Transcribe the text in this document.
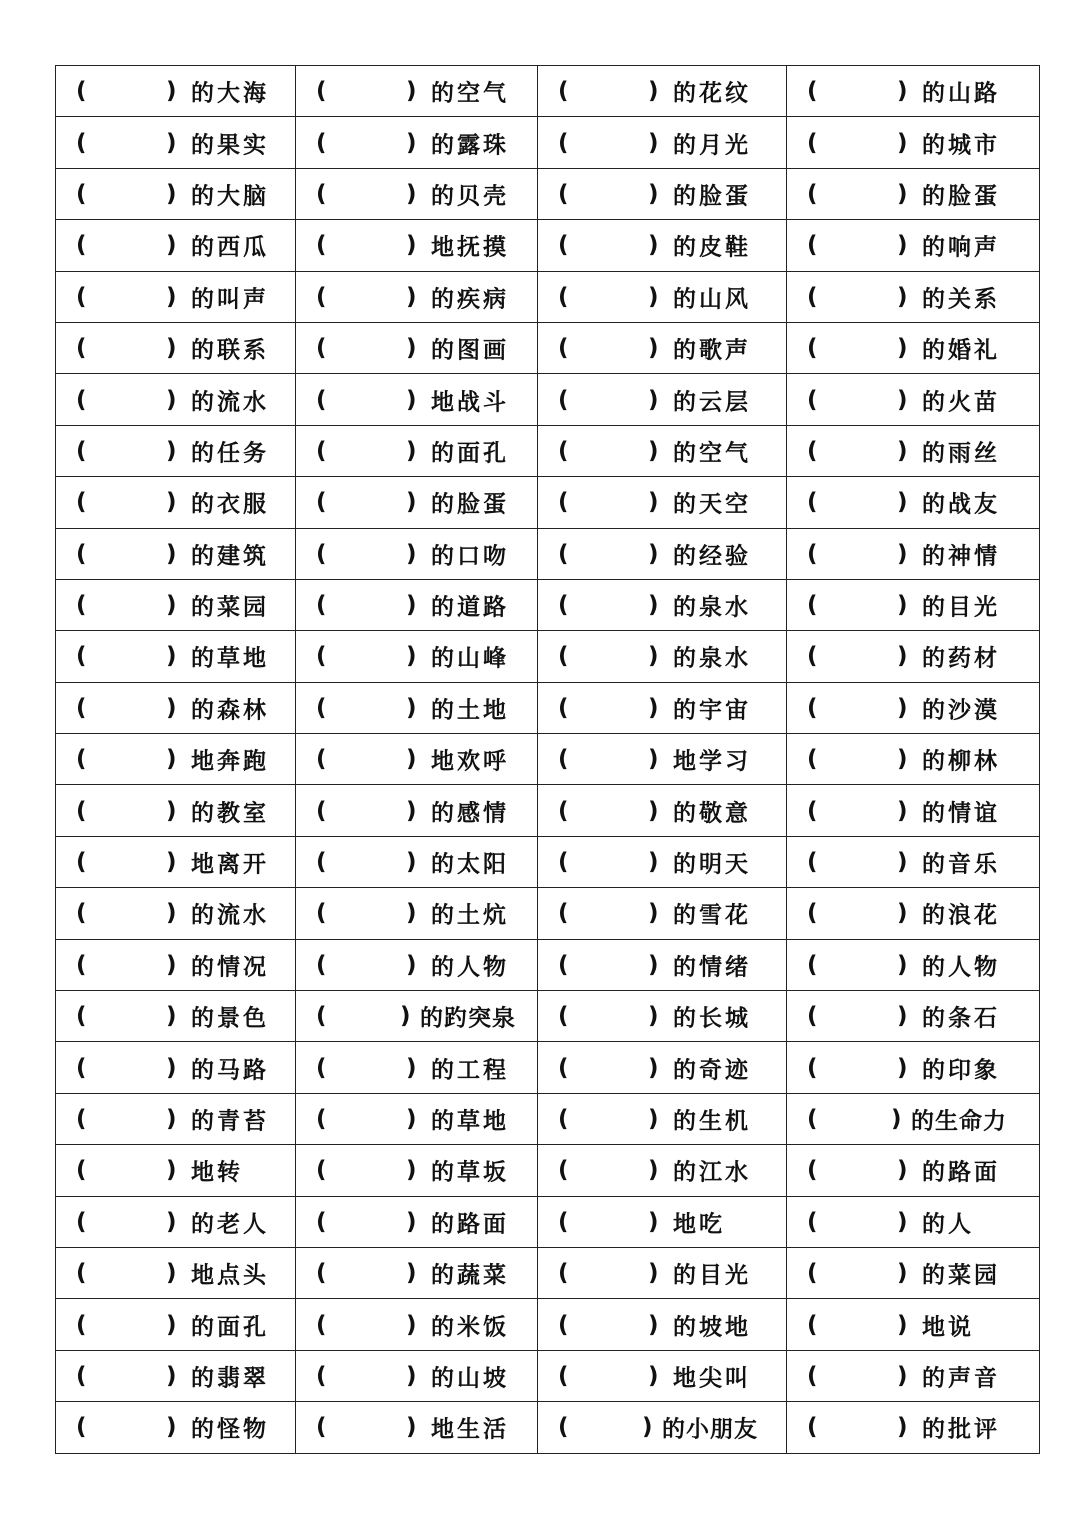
( ) 的大海	( ) 的空气	( ) 的花纹	( ) 的山路

( ) 的果实	( ) 的露珠	( ) 的月光	( ) 的城市

( ) 的大脑	( ) 的贝壳	( ) 的脸蛋	( ) 的脸蛋

( ) 的西瓜	( ) 地抚摸	( ) 的皮鞋	( ) 的响声

( ) 的叫声	( ) 的疾病	( ) 的山风	( ) 的关系

( ) 的联系	( ) 的图画	( ) 的歌声	( ) 的婚礼

( ) 的流水	( ) 地战斗	( ) 的云层	( ) 的火苗

( ) 的任务	( ) 的面孔	( ) 的空气	( ) 的雨丝

( ) 的衣服	( ) 的脸蛋	( ) 的天空	( ) 的战友

( ) 的建筑	( ) 的口吻	( ) 的经验	( ) 的神情

( ) 的菜园	( ) 的道路	( ) 的泉水	( ) 的目光

( ) 的草地	( ) 的山峰	( ) 的泉水	( ) 的药材

( ) 的森林	( ) 的土地	( ) 的宇宙	( ) 的沙漠

( ) 地奔跑	( ) 地欢呼	( ) 地学习	( ) 的柳林

( ) 的教室	( ) 的感情	( ) 的敬意	( ) 的情谊

( ) 地离开	( ) 的太阳	( ) 的明天	( ) 的音乐

( ) 的流水	( ) 的土炕	( ) 的雪花	( ) 的浪花

( ) 的情况	( ) 的人物	( ) 的情绪	( ) 的人物

( ) 的景色	( ) 的趵突泉	( ) 的长城	( ) 的条石

( ) 的马路	( ) 的工程	( ) 的奇迹	( ) 的印象

( ) 的青苔	( ) 的草地	( ) 的生机	( ) 的生命力

( ) 地转	( ) 的草坂	( ) 的江水	( ) 的路面

( ) 的老人	( ) 的路面	( ) 地吃	( ) 的人

( ) 地点头	( ) 的蔬菜	( ) 的目光	( ) 的菜园

( ) 的面孔	( ) 的米饭	( ) 的坡地	( ) 地说

( ) 的翡翠	( ) 的山坡	( ) 地尖叫	( ) 的声音

( ) 的怪物	( ) 地生活	( ) 的小朋友	( ) 的批评
